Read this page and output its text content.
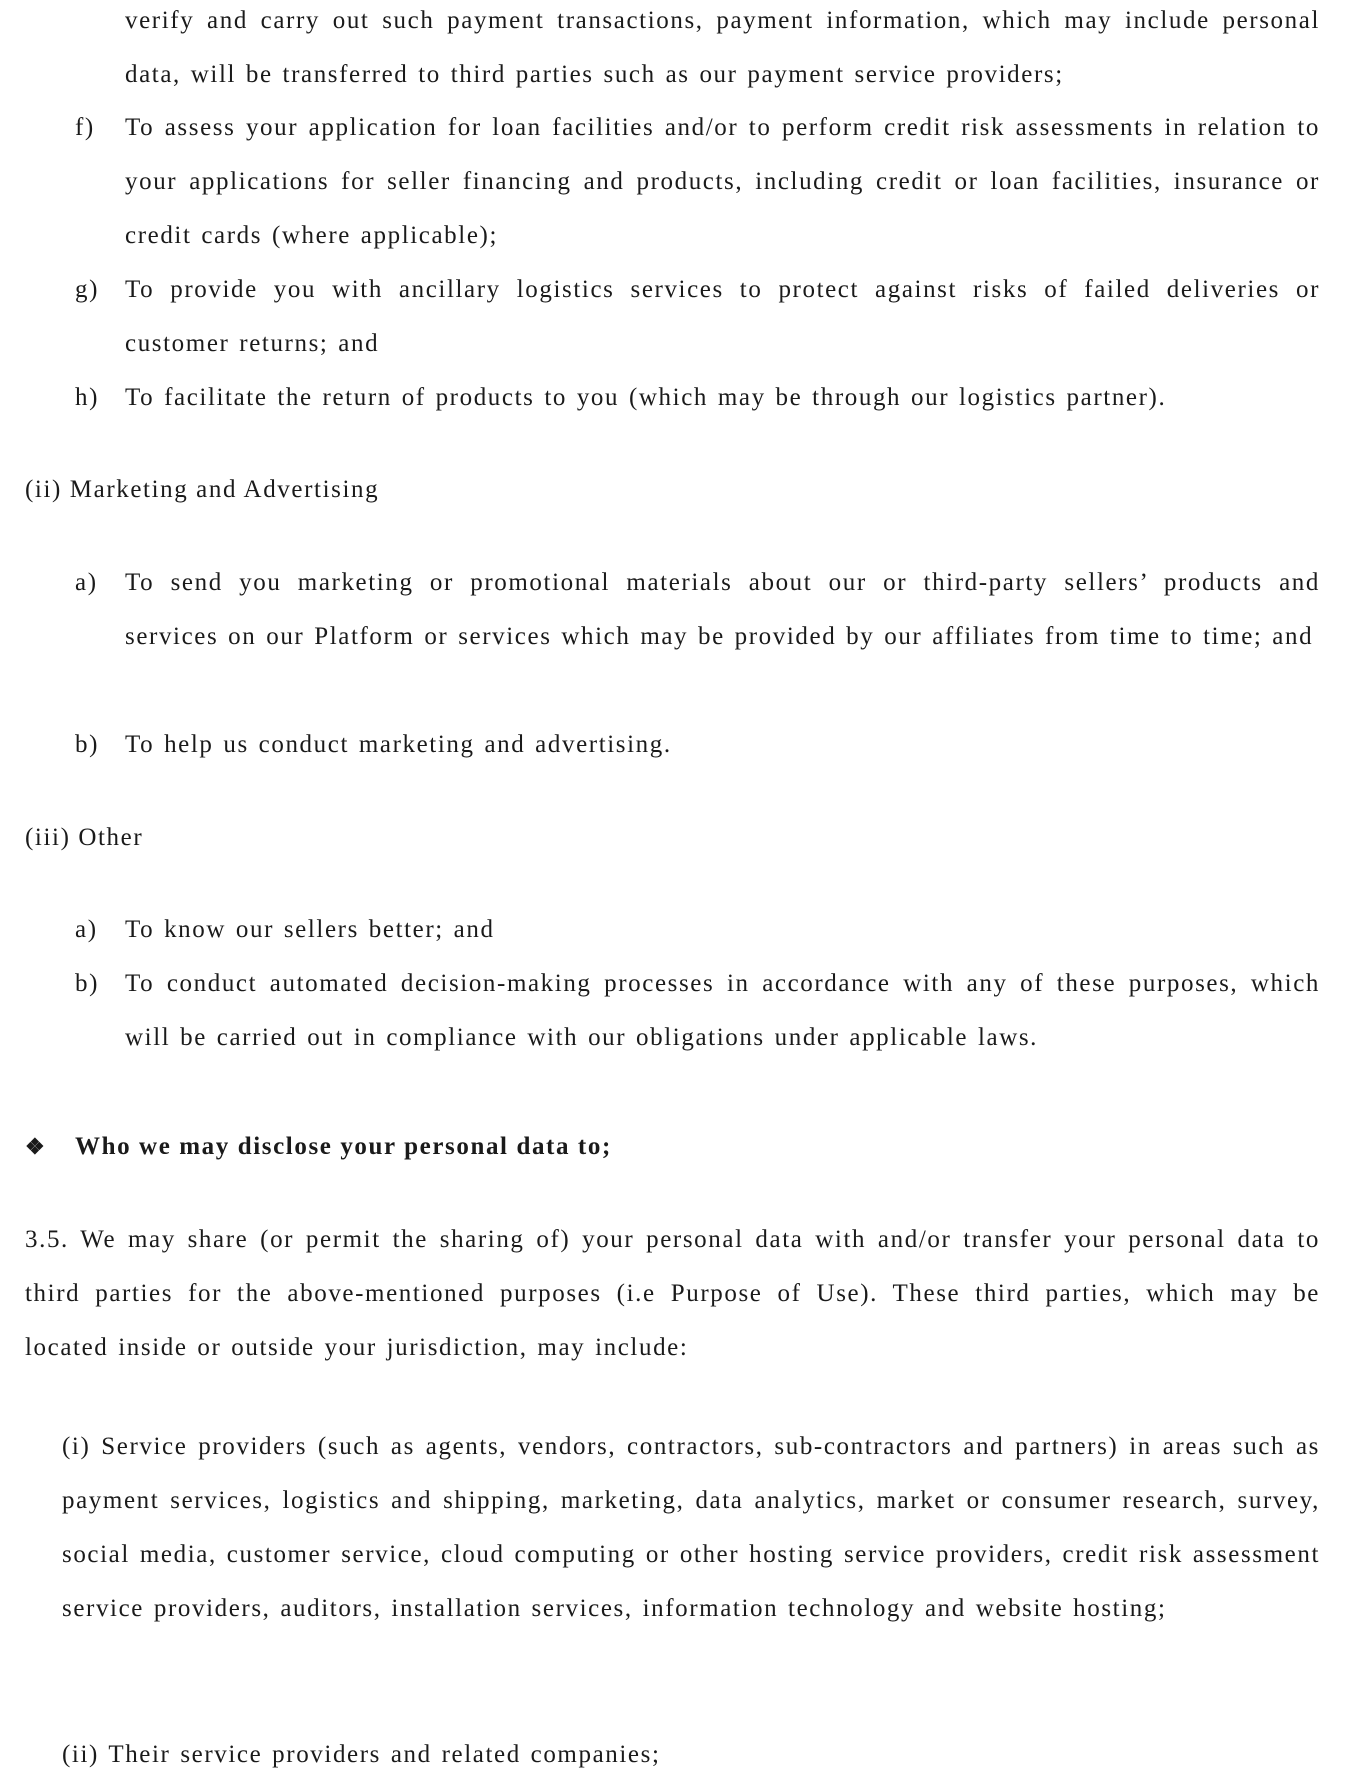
verify and carry out such payment transactions, payment information, which may include personal data, will be transferred to third parties such as our payment service providers;
f)	To assess your application for loan facilities and/or to perform credit risk assessments in relation to your applications for seller financing and products, including credit or loan facilities, insurance or credit cards (where applicable);
g)	To provide you with ancillary logistics services to protect against risks of failed deliveries or customer returns; and
h)	To facilitate the return of products to you (which may be through our logistics partner).
(ii) Marketing and Advertising
a)	To send you marketing or promotional materials about our or third-party sellers’ products and services on our Platform or services which may be provided by our affiliates from time to time; and
b)	To help us conduct marketing and advertising.
(iii) Other
a)	To know our sellers better; and
b)	To conduct automated decision-making processes in accordance with any of these purposes, which will be carried out in compliance with our obligations under applicable laws.
❖ Who we may disclose your personal data to;
3.5. We may share (or permit the sharing of) your personal data with and/or transfer your personal data to third parties for the above-mentioned purposes (i.e Purpose of Use). These third parties, which may be located inside or outside your jurisdiction, may include:
(i) Service providers (such as agents, vendors, contractors, sub-contractors and partners) in areas such as payment services, logistics and shipping, marketing, data analytics, market or consumer research, survey, social media, customer service, cloud computing or other hosting service providers, credit risk assessment service providers, auditors, installation services, information technology and website hosting;
(ii) Their service providers and related companies;
